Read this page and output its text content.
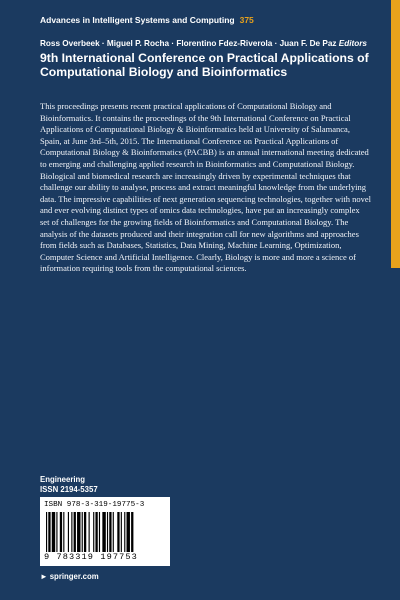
Advances in Intelligent Systems and Computing 375
Ross Overbeek · Miguel P. Rocha · Florentino Fdez-Riverola · Juan F. De Paz Editors
9th International Conference on Practical Applications of
Computational Biology and Bioinformatics
This proceedings presents recent practical applications of Computational Biology and Bioinformatics. It contains the proceedings of the 9th International Conference on Practical Applications of Computational Biology & Bioinformatics held at University of Salamanca, Spain, at June 3rd–5th, 2015. The International Conference on Practical Applications of Computational Biology & Bioinformatics (PACBB) is an annual international meeting dedicated to emerging and challenging applied research in Bioinformatics and Computational Biology. Biological and biomedical research are increasingly driven by experimental techniques that challenge our ability to analyse, process and extract meaningful knowledge from the underlying data. The impressive capabilities of next generation sequencing technologies, together with novel and ever evolving distinct types of omics data technologies, have put an increasingly complex set of challenges for the growing fields of Bioinformatics and Computational Biology. The analysis of the datasets produced and their integration call for new algorithms and approaches from fields such as Databases, Statistics, Data Mining, Machine Learning, Optimization, Computer Science and Artificial Intelligence. Clearly, Biology is more and more a science of information requiring tools from the computational sciences.
Engineering
ISSN 2194-5357
ISBN 978-3-319-19775-3
9 783319 197753
► springer.com
